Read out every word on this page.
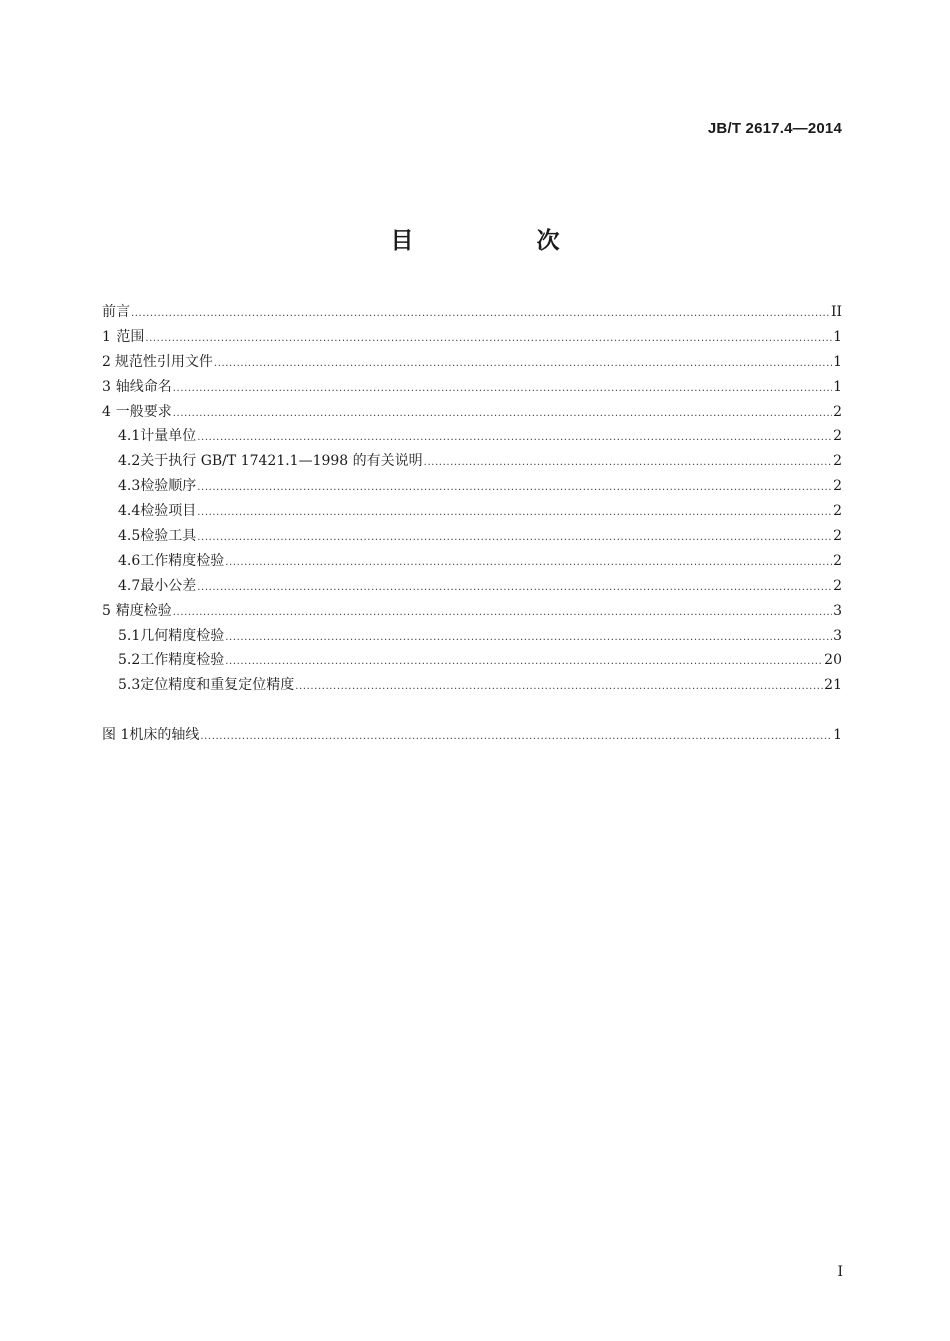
JB/T 2617.4—2014
目　次
前言 .....	II
1 范围 .....	1
2 规范性引用文件 .....	1
3 轴线命名 .....	1
4 一般要求 .....	2
4.1 计量单位 .....	2
4.2 关于执行 GB/T 17421.1—1998 的有关说明 .....	2
4.3 检验顺序 .....	2
4.4 检验项目 .....	2
4.5 检验工具 .....	2
4.6 工作精度检验 .....	2
4.7 最小公差 .....	2
5 精度检验 .....	3
5.1 几何精度检验 .....	3
5.2 工作精度检验 .....	20
5.3 定位精度和重复定位精度 .....	21
图 1 机床的轴线 .....	1
I
